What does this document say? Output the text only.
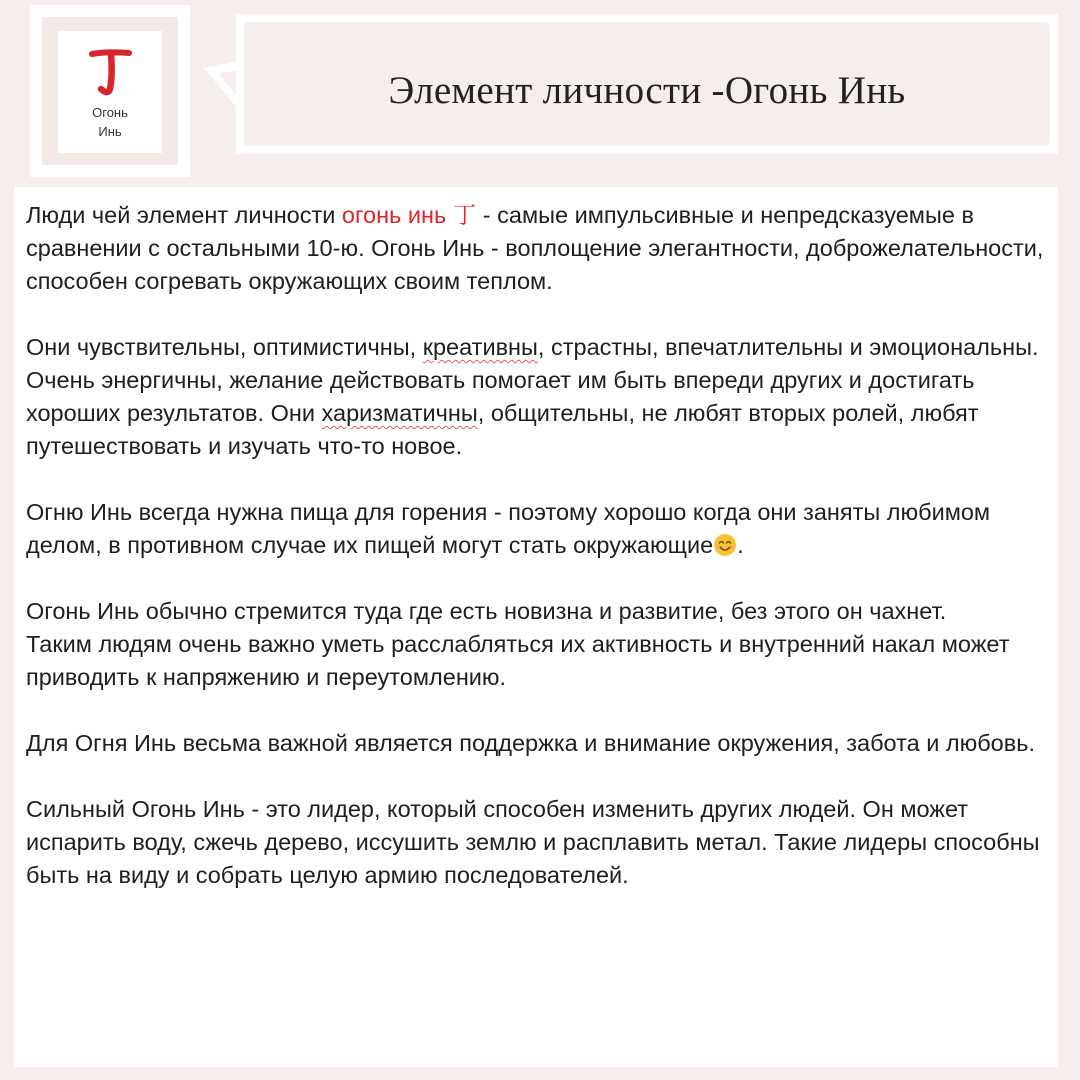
Огонь
Инь
Элемент личности -Огонь Инь

Люди чей элемент личности огонь инь 丁 - самые импульсивные и непредсказуемые в сравнении с остальными 10-ю. Огонь Инь - воплощение элегантности, доброжелательности, способен согревать окружающих своим теплом.

Они чувствительны, оптимистичны, креативны, страстны, впечатлительны и эмоциональны. Очень энергичны, желание действовать помогает им быть впереди других и достигать хороших результатов. Они харизматичны, общительны, не любят вторых ролей, любят путешествовать и изучать что-то новое.

Огню Инь всегда нужна пища для горения - поэтому хорошо когда они заняты любимом делом, в противном случае их пищей могут стать окружающие .

Огонь Инь обычно стремится туда где есть новизна и развитие, без этого он чахнет.
Таким людям очень важно уметь расслабляться их активность и внутренний накал может приводить к напряжению и переутомлению.

Для Огня Инь весьма важной является поддержка и внимание окружения, забота и любовь.

Сильный Огонь Инь - это лидер, который способен изменить других людей. Он может испарить воду, сжечь дерево, иссушить землю и расплавить метал. Такие лидеры способны быть на виду и собрать целую армию последователей.
